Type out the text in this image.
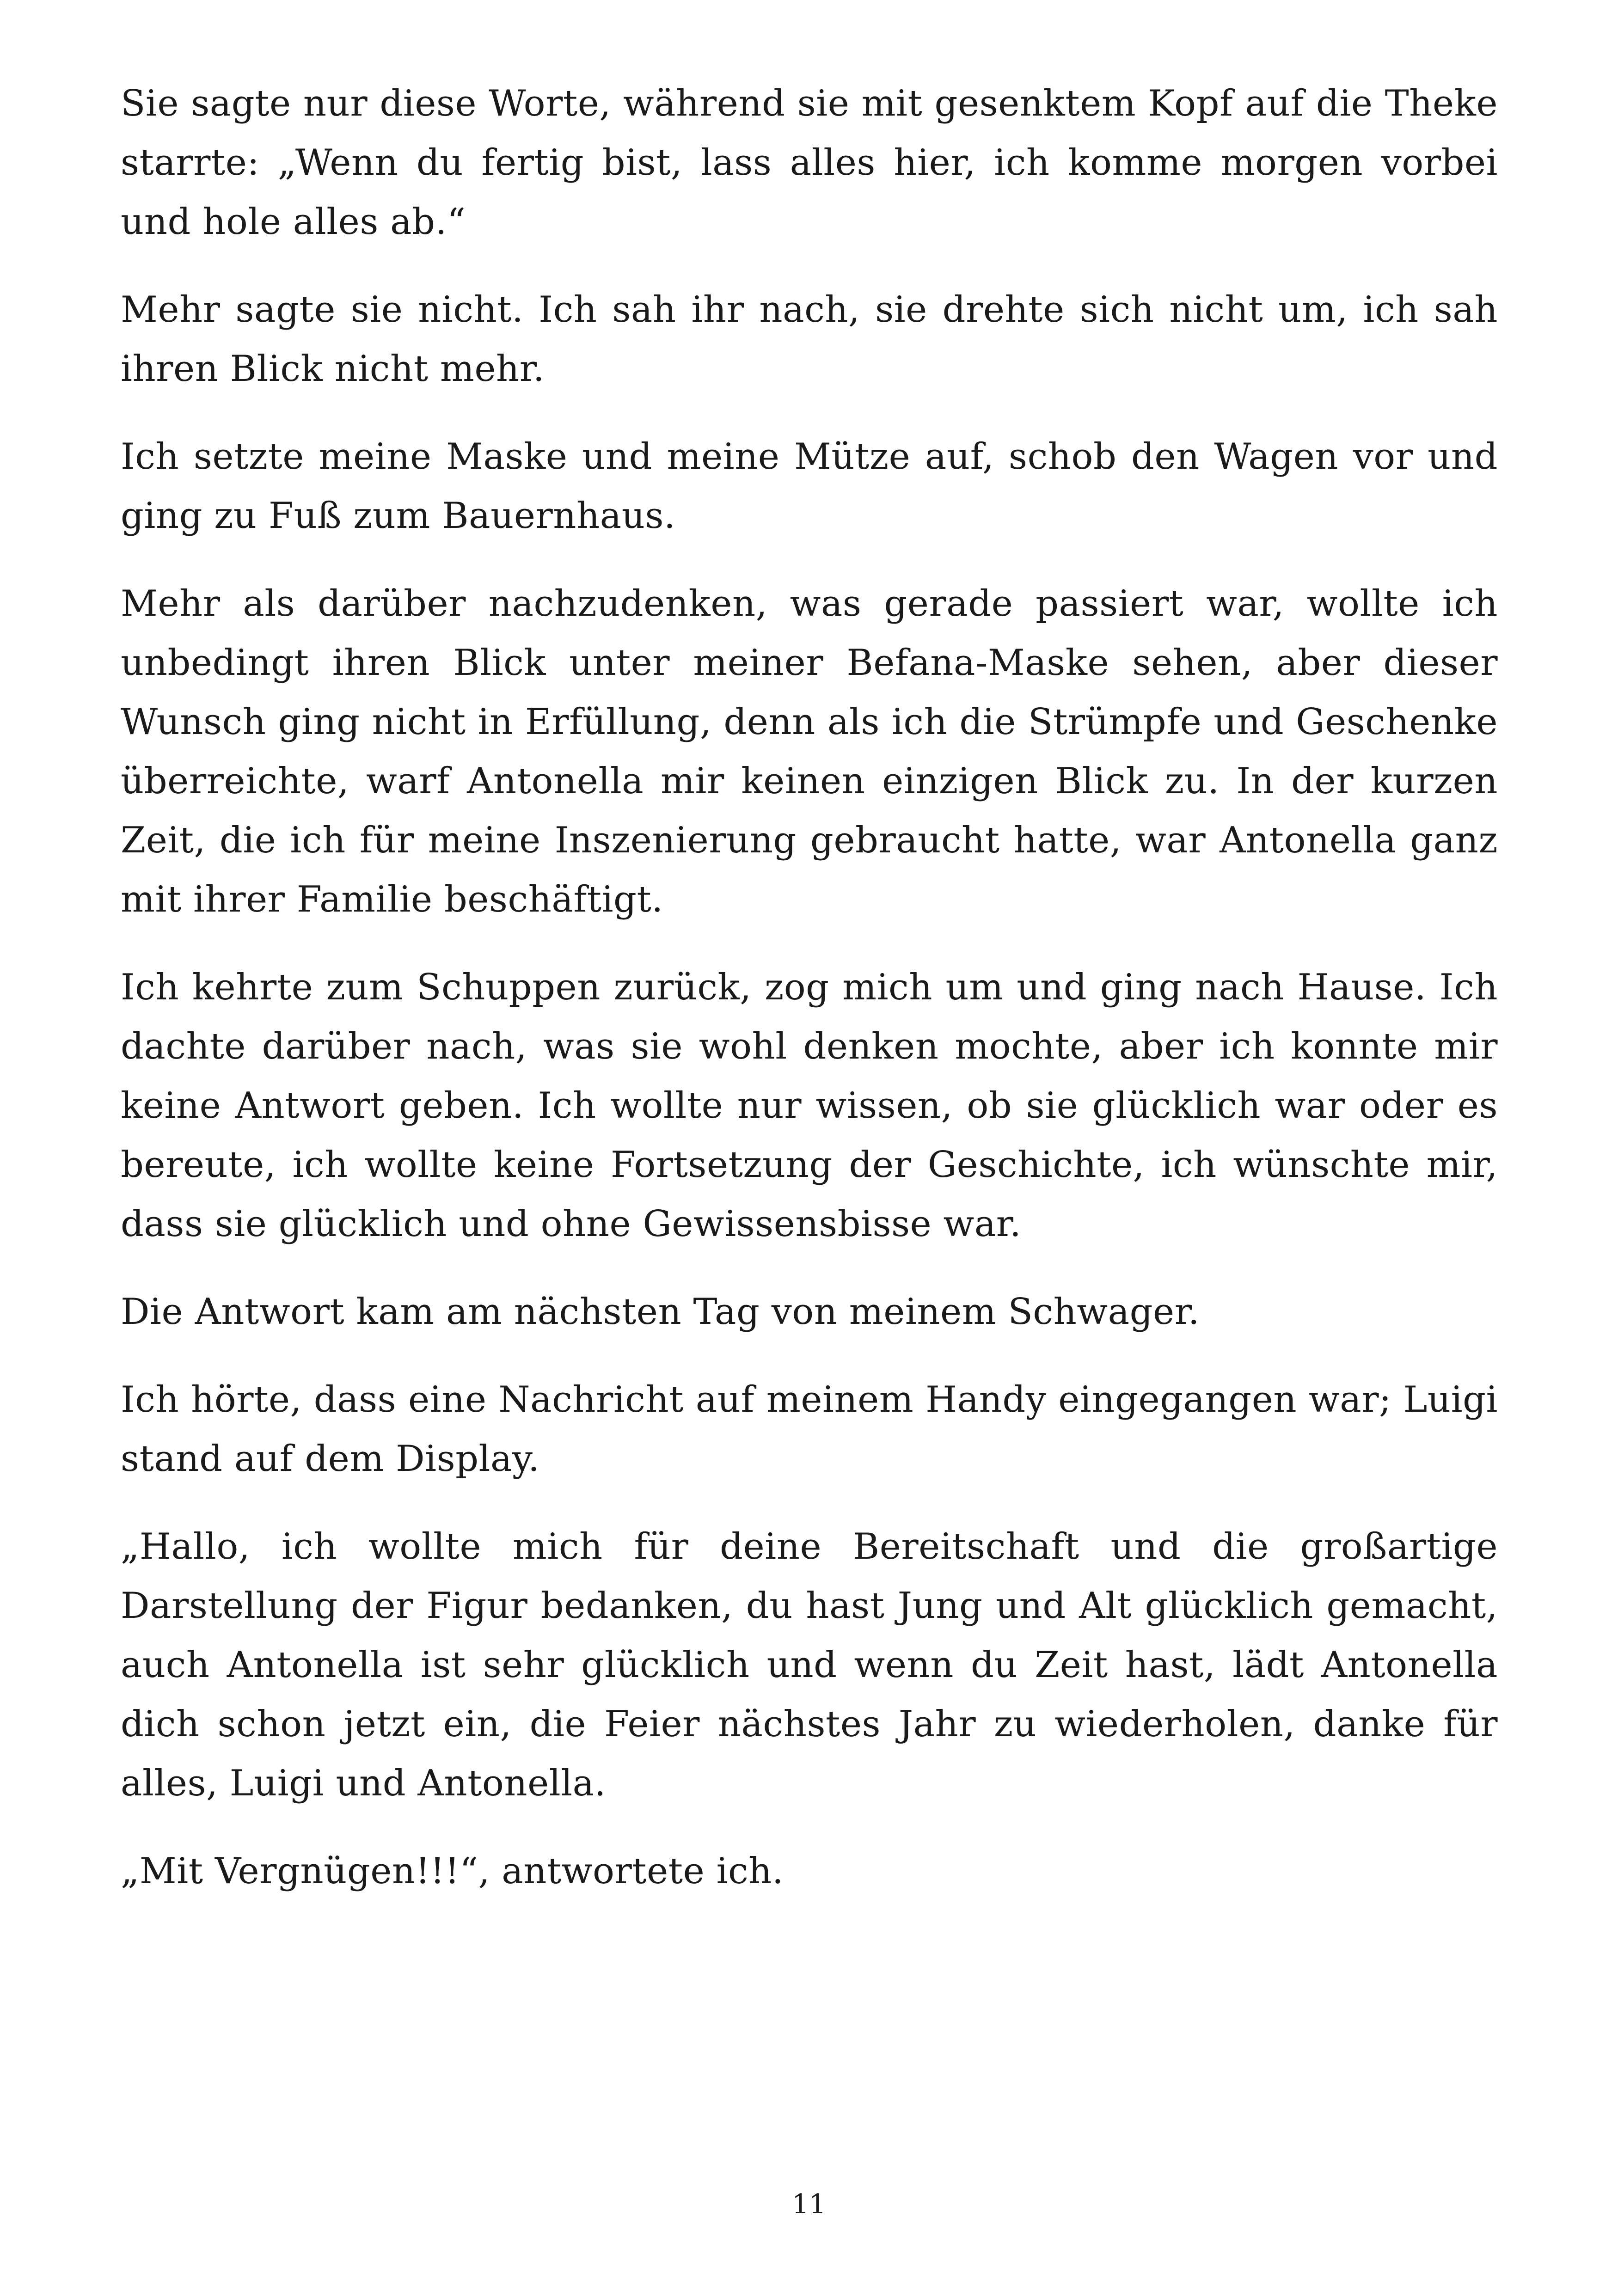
Sie sagte nur diese Worte, während sie mit gesenktem Kopf auf die Theke starrte: „Wenn du fertig bist, lass alles hier, ich komme morgen vorbei und hole alles ab.“

Mehr sagte sie nicht. Ich sah ihr nach, sie drehte sich nicht um, ich sah ihren Blick nicht mehr.

Ich setzte meine Maske und meine Mütze auf, schob den Wagen vor und ging zu Fuß zum Bauernhaus.

Mehr als darüber nachzudenken, was gerade passiert war, wollte ich unbedingt ihren Blick unter meiner Befana-Maske sehen, aber dieser Wunsch ging nicht in Erfüllung, denn als ich die Strümpfe und Geschenke überreichte, warf Antonella mir keinen einzigen Blick zu. In der kurzen Zeit, die ich für meine Inszenierung gebraucht hatte, war Antonella ganz mit ihrer Familie beschäftigt.

Ich kehrte zum Schuppen zurück, zog mich um und ging nach Hause. Ich dachte darüber nach, was sie wohl denken mochte, aber ich konnte mir keine Antwort geben. Ich wollte nur wissen, ob sie glücklich war oder es bereute, ich wollte keine Fortsetzung der Geschichte, ich wünschte mir, dass sie glücklich und ohne Gewissensbisse war.

Die Antwort kam am nächsten Tag von meinem Schwager.

Ich hörte, dass eine Nachricht auf meinem Handy eingegangen war; Luigi stand auf dem Display.

„Hallo, ich wollte mich für deine Bereitschaft und die großartige Darstellung der Figur bedanken, du hast Jung und Alt glücklich gemacht, auch Antonella ist sehr glücklich und wenn du Zeit hast, lädt Antonella dich schon jetzt ein, die Feier nächstes Jahr zu wiederholen, danke für alles, Luigi und Antonella.

„Mit Vergnügen!!!“, antwortete ich.

11
